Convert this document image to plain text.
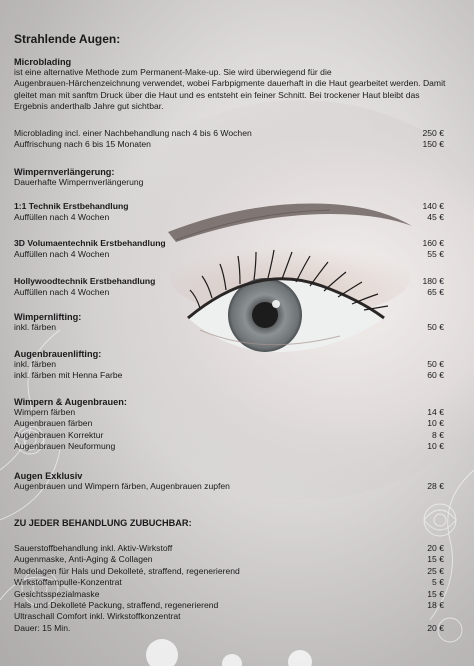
Strahlende Augen:
Microblading
ist eine alternative Methode zum Permanent-Make-up. Sie wird überwiegend für die
Augenbrauen-Härchenzeichnung verwendet, wobei Farbpigmente dauerhaft in die Haut gearbeitet werden. Damit
gleitet man mit sanftm Druck über die Haut und es entsteht ein feiner Schnitt. Bei trockener Haut bleibt das
Ergebnis anderthalb Jahre gut sichtbar.
Microblading incl. einer Nachbehandlung nach 4 bis 6 Wochen	250 €
Auffrischung nach 6 bis 15 Monaten	150 €
Wimpernverlängerung:
Dauerhafte Wimpernverlängerung
1:1 Technik Erstbehandlung	140 €
Auffüllen nach 4 Wochen	45 €
3D Volumaentechnik Erstbehandlung	160 €
Auffüllen nach 4 Wochen	55 €
Hollywoodtechnik Erstbehandlung	180 €
Auffüllen nach 4 Wochen	65 €
Wimpernlifting:
inkl. färben	50 €
Augenbrauenlifting:
inkl. färben	50 €
inkl. färben mit Henna Farbe	60 €
Wimpern & Augenbrauen:
Wimpern färben	14 €
Augenbrauen färben	10 €
Augenbrauen Korrektur	8 €
Augenbrauen Neuformung	10 €
Augen Exklusiv
Augenbrauen und Wimpern färben, Augenbrauen zupfen	28 €
ZU JEDER BEHANDLUNG ZUBUCHBAR:
Sauerstoffbehandlung inkl. Aktiv-Wirkstoff	20 €
Augenmaske, Anti-Aging & Collagen	15 €
Modelagen für Hals und Dekolleté, straffend, regenerierend	25 €
Wirkstoffampulle-Konzentrat	5 €
Gesichtsspezialmaske	15 €
Hals und Dekolleté Packung, straffend, regenerierend	18 €
Ultraschall Comfort inkl. Wirkstoffkonzentrat
Dauer: 15 Min.	20 €
